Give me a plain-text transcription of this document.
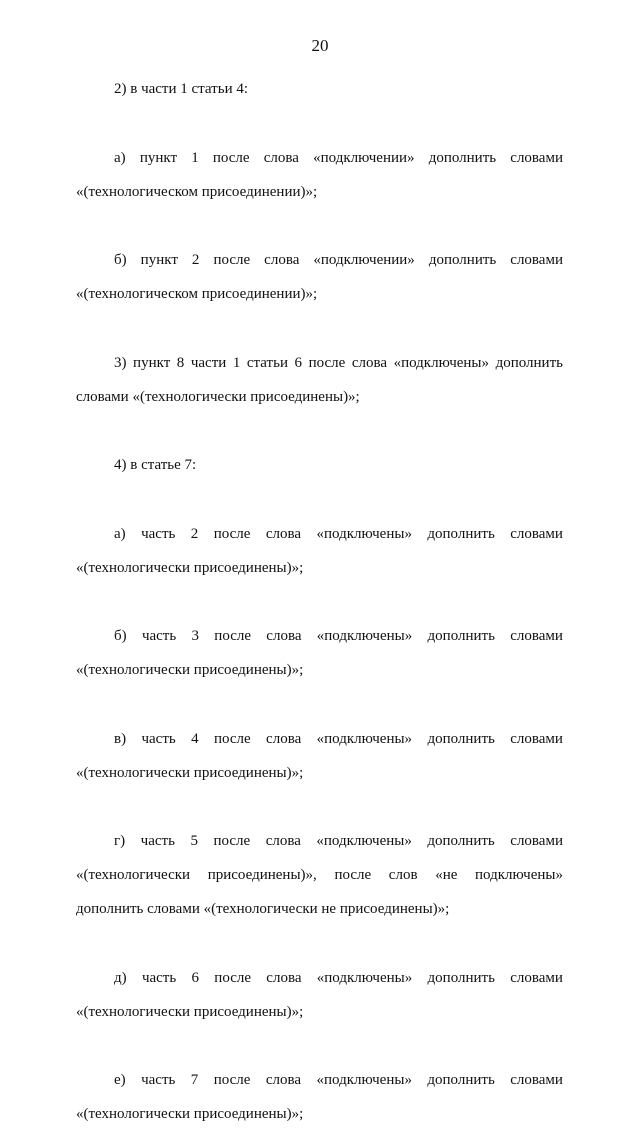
20
2) в части 1 статьи 4:
а) пункт 1 после слова «подключении» дополнить словами
«(технологическом присоединении)»;
б) пункт 2 после слова «подключении» дополнить словами
«(технологическом присоединении)»;
3) пункт 8 части 1 статьи 6 после слова «подключены» дополнить
словами «(технологически присоединены)»;
4) в статье 7:
а) часть 2 после слова «подключены» дополнить словами
«(технологически присоединены)»;
б) часть 3 после слова «подключены» дополнить словами
«(технологически присоединены)»;
в) часть 4 после слова «подключены» дополнить словами
«(технологически присоединены)»;
г) часть 5 после слова «подключены» дополнить словами
«(технологически присоединены)», после слов «не подключены»
дополнить словами «(технологически не присоединены)»;
д) часть 6 после слова «подключены» дополнить словами
«(технологически присоединены)»;
е) часть 7 после слова «подключены» дополнить словами
«(технологически присоединены)»;
